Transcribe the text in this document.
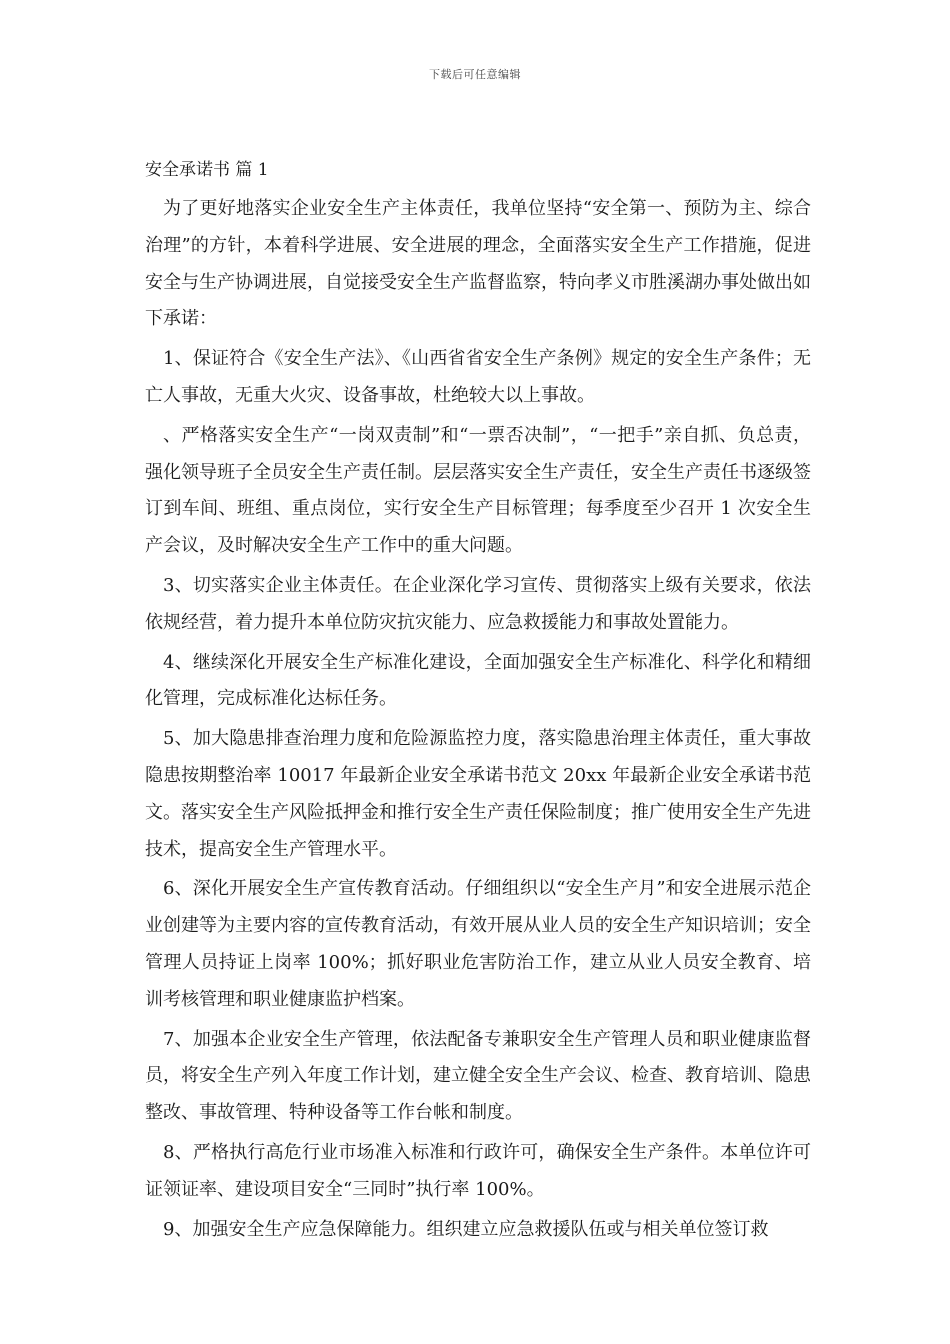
下载后可任意编辑
安全承诺书 篇 1
为了更好地落实企业安全生产主体责任，我单位坚持“安全第一、预防为主、综合治理”的方针，本着科学进展、安全进展的理念，全面落实安全生产工作措施，促进安全与生产协调进展，自觉接受安全生产监督监察，特向孝义市胜溪湖办事处做出如下承诺：
1、保证符合《安全生产法》、《山西省省安全生产条例》规定的安全生产条件；无亡人事故，无重大火灾、设备事故，杜绝较大以上事故。
、严格落实安全生产“一岗双责制”和“一票否决制”，“一把手”亲自抓、负总责，强化领导班子全员安全生产责任制。层层落实安全生产责任，安全生产责任书逐级签订到车间、班组、重点岗位，实行安全生产目标管理；每季度至少召开 1 次安全生产会议，及时解决安全生产工作中的重大问题。
3、切实落实企业主体责任。在企业深化学习宣传、贯彻落实上级有关要求，依法依规经营，着力提升本单位防灾抗灾能力、应急救援能力和事故处置能力。
4、继续深化开展安全生产标准化建设，全面加强安全生产标准化、科学化和精细化管理，完成标准化达标任务。
5、加大隐患排查治理力度和危险源监控力度，落实隐患治理主体责任，重大事故隐患按期整治率 10017 年最新企业安全承诺书范文 20xx 年最新企业安全承诺书范文。落实安全生产风险抵押金和推行安全生产责任保险制度；推广使用安全生产先进技术，提高安全生产管理水平。
6、深化开展安全生产宣传教育活动。仔细组织以“安全生产月”和安全进展示范企业创建等为主要内容的宣传教育活动，有效开展从业人员的安全生产知识培训；安全管理人员持证上岗率 100%；抓好职业危害防治工作，建立从业人员安全教育、培训考核管理和职业健康监护档案。
7、加强本企业安全生产管理，依法配备专兼职安全生产管理人员和职业健康监督员，将安全生产列入年度工作计划，建立健全安全生产会议、检查、教育培训、隐患整改、事故管理、特种设备等工作台帐和制度。
8、严格执行高危行业市场准入标准和行政许可，确保安全生产条件。本单位许可证领证率、建设项目安全“三同时”执行率 100%。
9、加强安全生产应急保障能力。组织建立应急救援队伍或与相关单位签订救
